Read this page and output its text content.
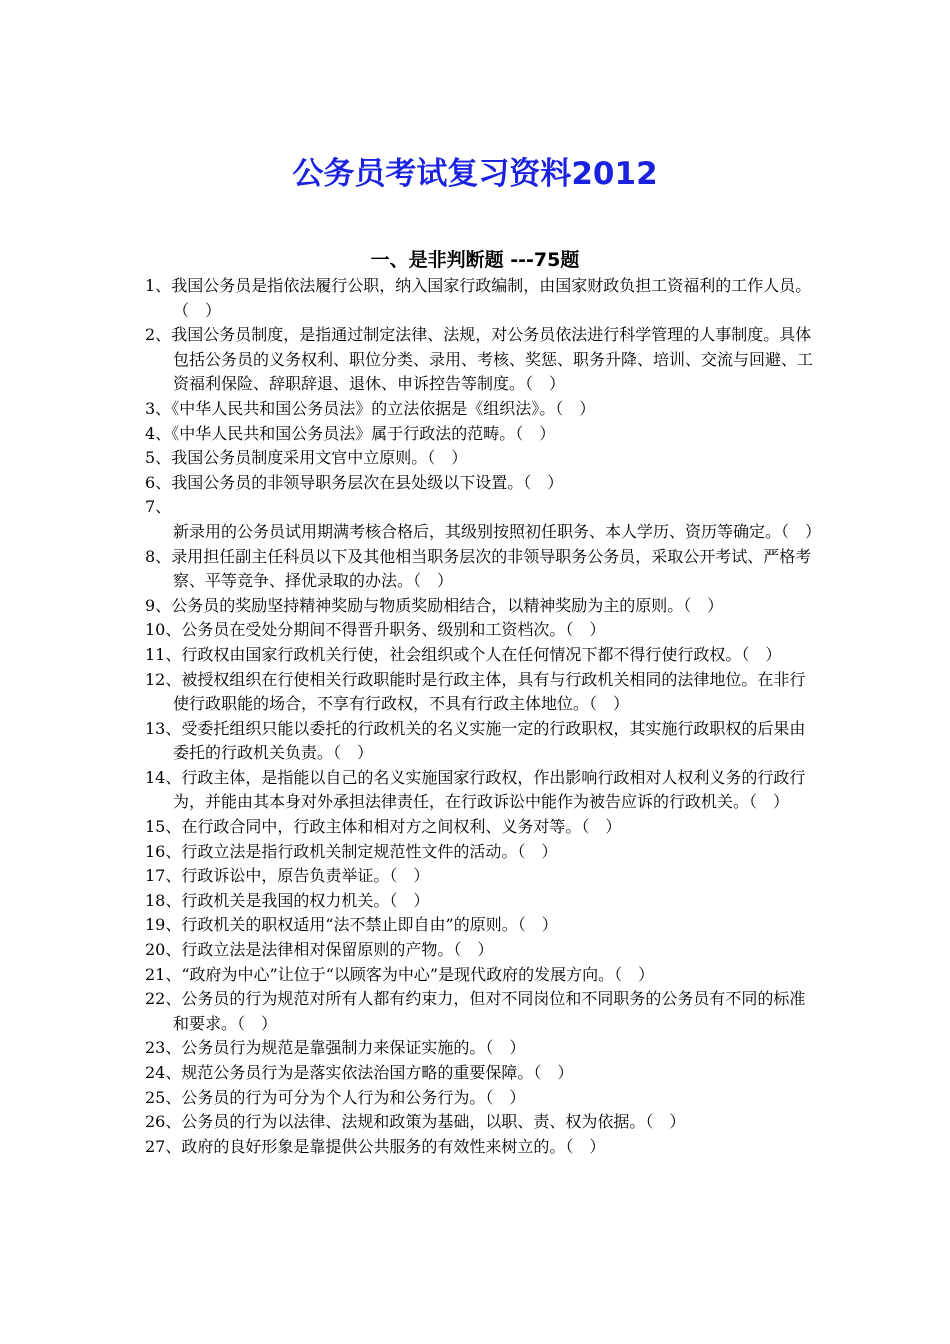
公务员考试复习资料2012
一、是非判断题 ---75题
1、我国公务员是指依法履行公职，纳入国家行政编制，由国家财政负担工资福利的工作人员。　（　）
2、我国公务员制度，是指通过制定法律、法规，对公务员依法进行科学管理的人事制度。具体包括公务员的义务权利、职位分类、录用、考核、奖惩、职务升降、培训、交流与回避、工资福利保险、辞职辞退、退休、申诉控告等制度。（　）
3、《中华人民共和国公务员法》的立法依据是《组织法》。（　）
4、《中华人民共和国公务员法》属于行政法的范畴。（　）
5、我国公务员制度采用文官中立原则。（　）
6、我国公务员的非领导职务层次在县处级以下设置。（　）
7、新录用的公务员试用期满考核合格后，其级别按照初任职务、本人学历、资历等确定。（　）
8、录用担任副主任科员以下及其他相当职务层次的非领导职务公务员，采取公开考试、严格考察、平等竞争、择优录取的办法。（　）
9、公务员的奖励坚持精神奖励与物质奖励相结合，以精神奖励为主的原则。（　）
10、公务员在受处分期间不得晋升职务、级别和工资档次。（　）
11、行政权由国家行政机关行使，社会组织或个人在任何情况下都不得行使行政权。（　）
12、被授权组织在行使相关行政职能时是行政主体，具有与行政机关相同的法律地位。在非行使行政职能的场合，不享有行政权，不具有行政主体地位。（　）
13、受委托组织只能以委托的行政机关的名义实施一定的行政职权，其实施行政职权的后果由委托的行政机关负责。（　）
14、行政主体，是指能以自己的名义实施国家行政权，作出影响行政相对人权利义务的行政行为，并能由其本身对外承担法律责任，在行政诉讼中能作为被告应诉的行政机关。（　）
15、在行政合同中，行政主体和相对方之间权利、义务对等。（　）
16、行政立法是指行政机关制定规范性文件的活动。（　）
17、行政诉讼中，原告负责举证。（　）
18、行政机关是我国的权力机关。（　）
19、行政机关的职权适用“法不禁止即自由”的原则。（　）
20、行政立法是法律相对保留原则的产物。（　）
21、“政府为中心”让位于“以顾客为中心”是现代政府的发展方向。（　）
22、公务员的行为规范对所有人都有约束力，但对不同岗位和不同职务的公务员有不同的标准和要求。（　）
23、公务员行为规范是靠强制力来保证实施的。（　）
24、规范公务员行为是落实依法治国方略的重要保障。（　）
25、公务员的行为可分为个人行为和公务行为。（　）
26、公务员的行为以法律、法规和政策为基础，以职、责、权为依据。（　）
27、政府的良好形象是靠提供公共服务的有效性来树立的。（　）
